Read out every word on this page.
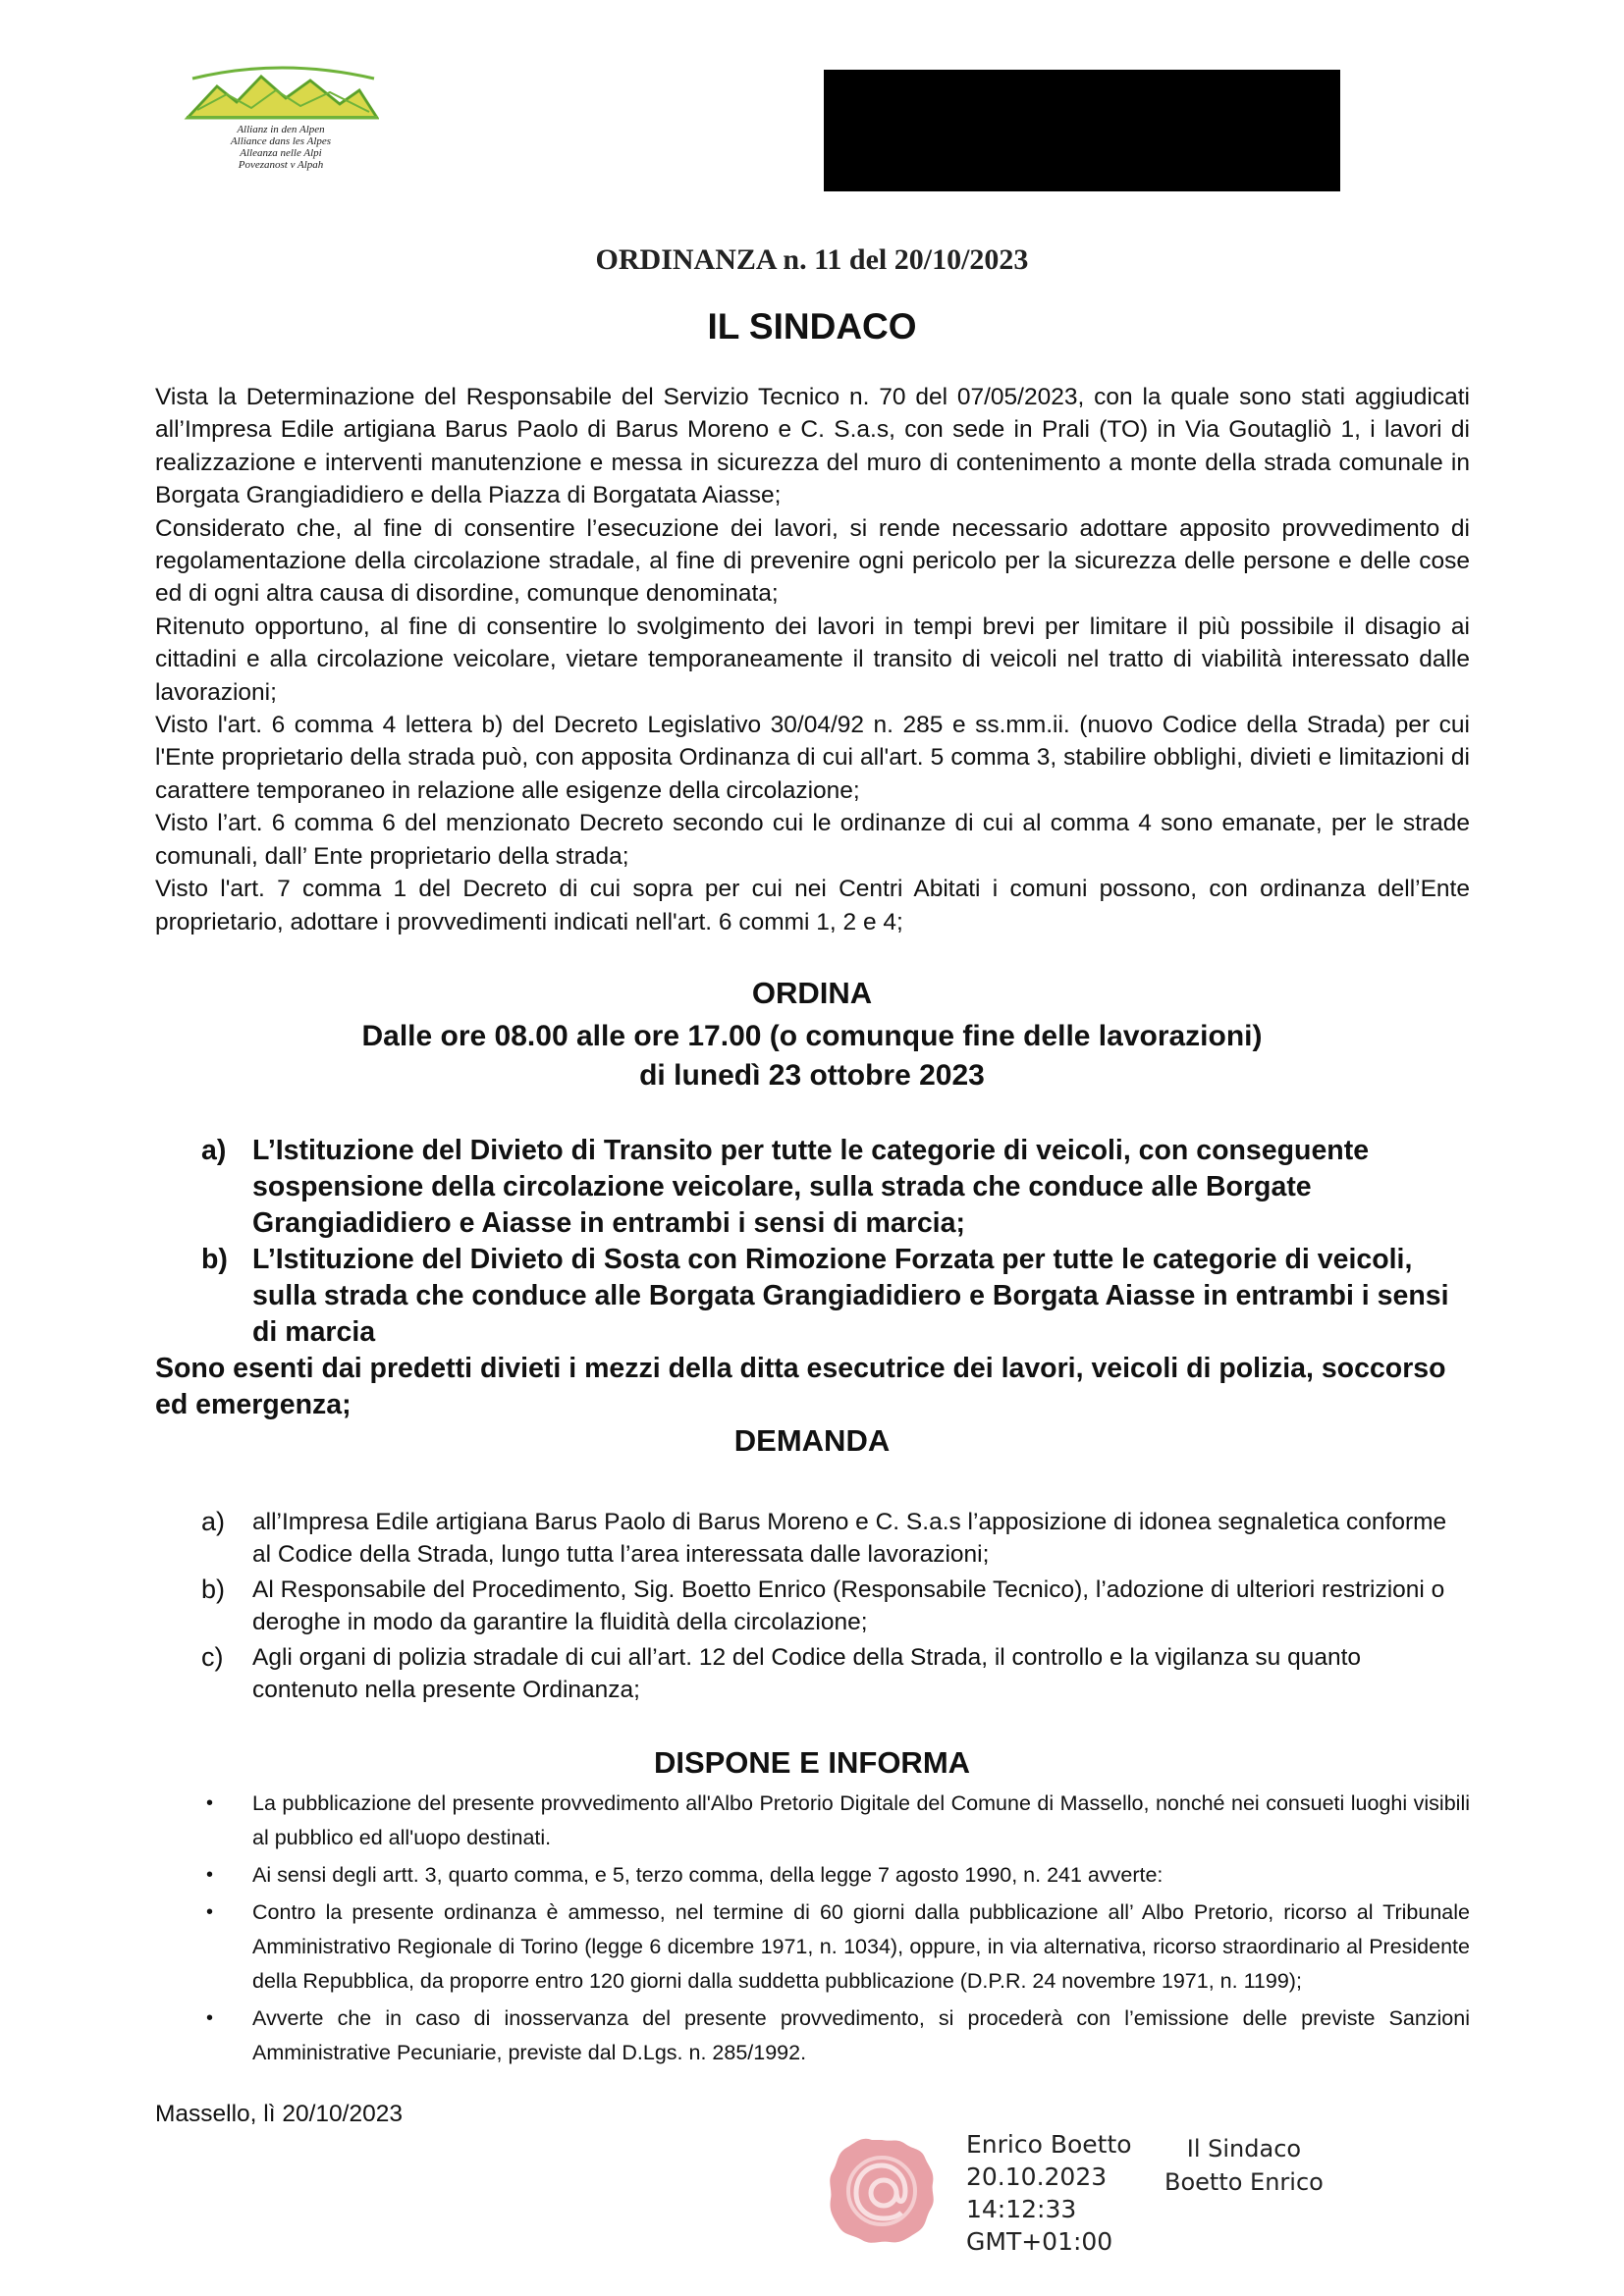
Allianz in den Alpen
Alliance dans les Alpes
Alleanza nelle Alpi
Povezanost v Alpah
ORDINANZA n. 11 del 20/10/2023
IL SINDACO

Vista la Determinazione del Responsabile del Servizio Tecnico n. 70 del 07/05/2023, con la quale sono stati aggiudicati all’Impresa Edile artigiana Barus Paolo di Barus Moreno e C. S.a.s, con sede in Prali (TO) in Via Goutagliò 1, i lavori di realizzazione e interventi manutenzione e messa in sicurezza del muro di contenimento a monte della strada comunale in Borgata Grangiadidiero e della Piazza di Borgatata Aiasse;

Considerato che, al fine di consentire l’esecuzione dei lavori, si rende necessario adottare apposito provvedimento di regolamentazione della circolazione stradale, al fine di prevenire ogni pericolo per la sicurezza delle persone e delle cose ed di ogni altra causa di disordine, comunque denominata;

Ritenuto opportuno, al fine di consentire lo svolgimento dei lavori in tempi brevi per limitare il più possibile il disagio ai cittadini e alla circolazione veicolare, vietare temporaneamente il transito di veicoli nel tratto di viabilità interessato dalle lavorazioni;

Visto l'art. 6 comma 4 lettera b) del Decreto Legislativo 30/04/92 n. 285 e ss.mm.ii. (nuovo Codice della Strada) per cui l'Ente proprietario della strada può, con apposita Ordinanza di cui all'art. 5 comma 3, stabilire obblighi, divieti e limitazioni di carattere temporaneo in relazione alle esigenze della circolazione;

Visto l’art. 6 comma 6 del menzionato Decreto secondo cui le ordinanze di cui al comma 4 sono emanate, per le strade comunali, dall’ Ente proprietario della strada;

Visto l'art. 7 comma 1 del Decreto di cui sopra per cui nei Centri Abitati i comuni possono, con ordinanza dell’Ente proprietario, adottare i provvedimenti indicati nell'art. 6 commi 1, 2 e 4;

ORDINA
Dalle ore 08.00 alle ore 17.00 (o comunque fine delle lavorazioni)
di lunedì 23 ottobre 2023
a) L’Istituzione del Divieto di Transito per tutte le categorie di veicoli, con conseguente sospensione della circolazione veicolare, sulla strada che conduce alle Borgate Grangiadidiero e Aiasse in entrambi i sensi di marcia;
b) L’Istituzione del Divieto di Sosta con Rimozione Forzata per tutte le categorie di veicoli, sulla strada che conduce alle Borgata Grangiadidiero e Borgata Aiasse in entrambi i sensi di marcia
Sono esenti dai predetti divieti i mezzi della ditta esecutrice dei lavori, veicoli di polizia, soccorso ed emergenza;
DEMANDA
a) all’Impresa Edile artigiana Barus Paolo di Barus Moreno e C. S.a.s l’apposizione di idonea segnaletica conforme al Codice della Strada, lungo tutta l’area interessata dalle lavorazioni;
b) Al Responsabile del Procedimento, Sig. Boetto Enrico (Responsabile Tecnico), l’adozione di ulteriori restrizioni o deroghe in modo da garantire la fluidità della circolazione;
c) Agli organi di polizia stradale di cui all’art. 12 del Codice della Strada, il controllo e la vigilanza su quanto contenuto nella presente Ordinanza;
DISPONE E INFORMA
• La pubblicazione del presente provvedimento all'Albo Pretorio Digitale del Comune di Massello, nonché nei consueti luoghi visibili al pubblico ed all'uopo destinati.
• Ai sensi degli artt. 3, quarto comma, e 5, terzo comma, della legge 7 agosto 1990, n. 241 avverte:
• Contro la presente ordinanza è ammesso, nel termine di 60 giorni dalla pubblicazione all’ Albo Pretorio, ricorso al Tribunale Amministrativo Regionale di Torino (legge 6 dicembre 1971, n. 1034), oppure, in via alternativa, ricorso straordinario al Presidente della Repubblica, da proporre entro 120 giorni dalla suddetta pubblicazione (D.P.R. 24 novembre 1971, n. 1199);
• Avverte che in caso di inosservanza del presente provvedimento, si procederà con l’emissione delle previste Sanzioni Amministrative Pecuniarie, previste dal D.Lgs. n. 285/1992.
Massello, lì 20/10/2023
Enrico Boetto
20.10.2023
14:12:33
GMT+01:00
Il Sindaco
Boetto Enrico
